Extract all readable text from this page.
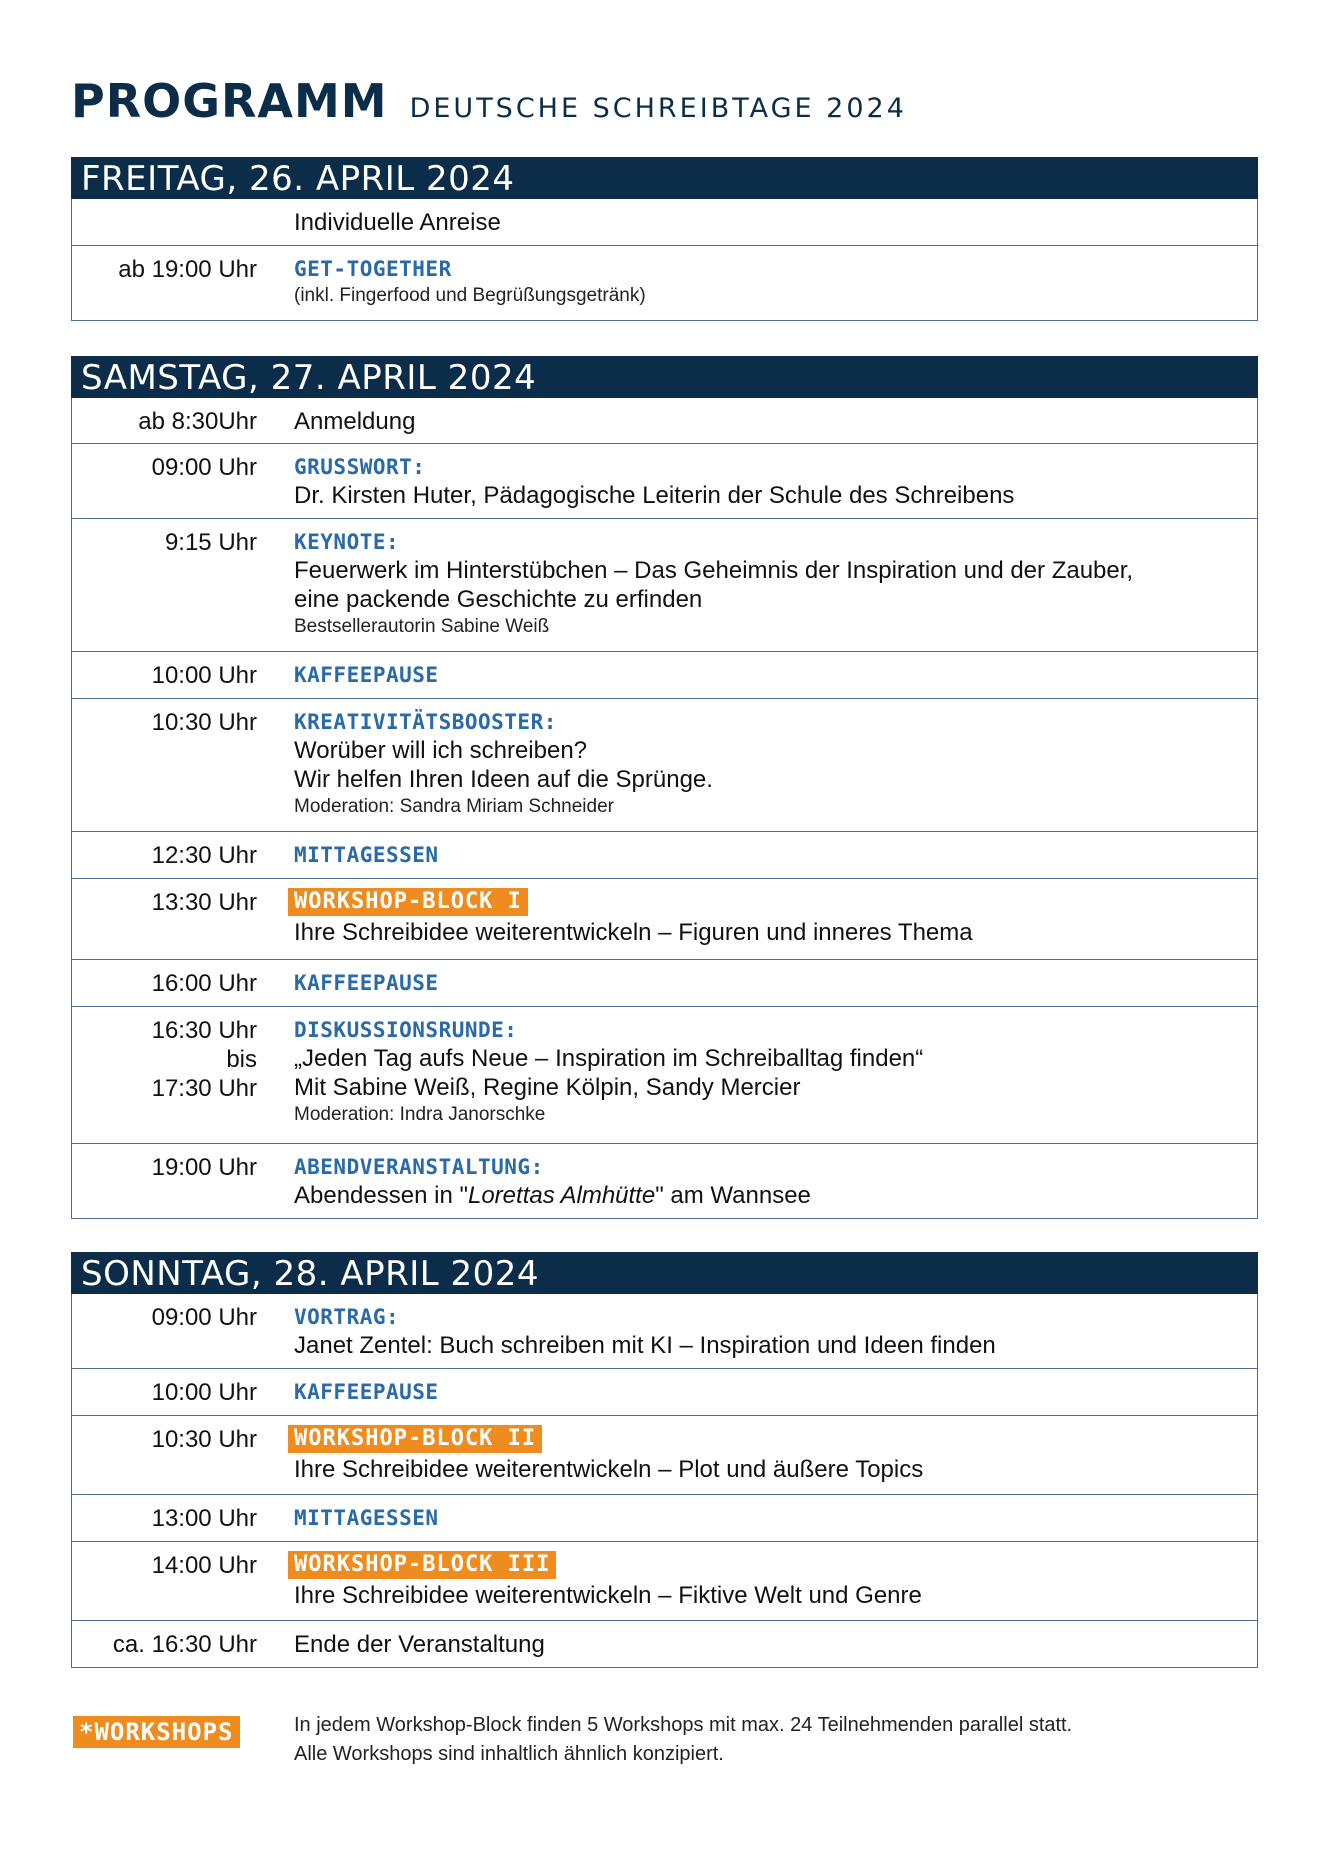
PROGRAMM DEUTSCHE SCHREIBTAGE 2024
FREITAG, 26. APRIL 2024
Individuelle Anreise
ab 19:00 Uhr GET-TOGETHER
(inkl. Fingerfood und Begrüßungsgetränk)
SAMSTAG, 27. APRIL 2024
ab 8:30Uhr Anmeldung
09:00 Uhr GRUSSWORT:
Dr. Kirsten Huter, Pädagogische Leiterin der Schule des Schreibens
9:15 Uhr KEYNOTE:
Feuerwerk im Hinterstübchen – Das Geheimnis der Inspiration und der Zauber,
eine packende Geschichte zu erfinden
Bestsellerautorin Sabine Weiß
10:00 Uhr KAFFEEPAUSE
10:30 Uhr KREATIVITÄTSBOOSTER:
Worüber will ich schreiben?
Wir helfen Ihren Ideen auf die Sprünge.
Moderation: Sandra Miriam Schneider
12:30 Uhr MITTAGESSEN
13:30 Uhr WORKSHOP-BLOCK I
Ihre Schreibidee weiterentwickeln – Figuren und inneres Thema
16:00 Uhr KAFFEEPAUSE
16:30 Uhr
bis
17:30 Uhr
DISKUSSIONSRUNDE:
„Jeden Tag aufs Neue – Inspiration im Schreiballtag finden“
Mit Sabine Weiß, Regine Kölpin, Sandy Mercier
Moderation: Indra Janorschke
19:00 Uhr ABENDVERANSTALTUNG:
Abendessen in "Lorettas Almhütte" am Wannsee
SONNTAG, 28. APRIL 2024
09:00 Uhr VORTRAG:
Janet Zentel: Buch schreiben mit KI – Inspiration und Ideen finden
10:00 Uhr KAFFEEPAUSE
10:30 Uhr WORKSHOP-BLOCK II
Ihre Schreibidee weiterentwickeln – Plot und äußere Topics
13:00 Uhr MITTAGESSEN
14:00 Uhr WORKSHOP-BLOCK III
Ihre Schreibidee weiterentwickeln – Fiktive Welt und Genre
ca. 16:30 Uhr Ende der Veranstaltung
*WORKSHOPS	In jedem Workshop-Block finden 5 Workshops mit max. 24 Teilnehmenden parallel statt.
Alle Workshops sind inhaltlich ähnlich konzipiert.
